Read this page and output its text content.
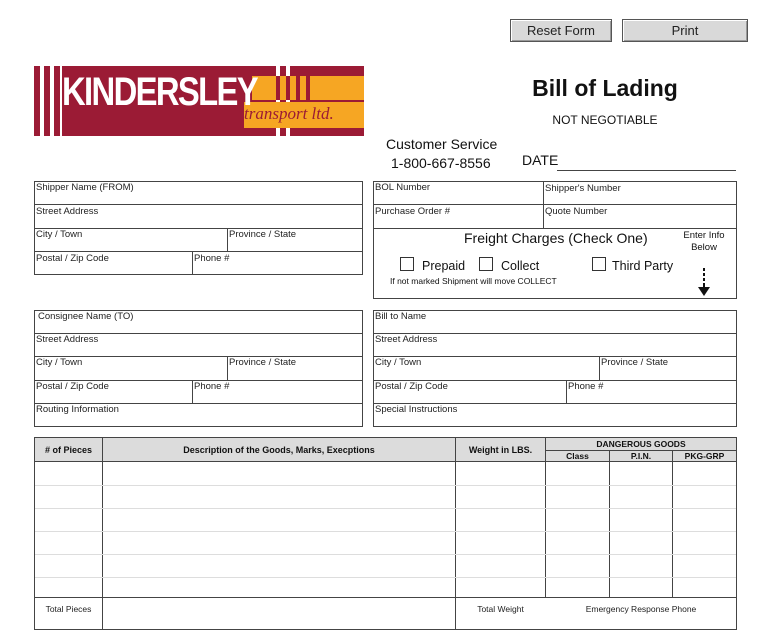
Reset Form	Print
KINDERSLEY
transport ltd.
Bill of Lading
NOT NEGOTIABLE
Customer Service
1-800-667-8556 DATE
Shipper Name (FROM)
Street Address
City / Town	Province / State
Postal / Zip Code	Phone #
BOL Number	Shipper's Number
Purchase Order #	Quote Number
Freight Charges (Check One)	Enter Info
Below
Prepaid	Collect	Third Party
If not marked Shipment will move COLLECT
Consignee Name (TO)
Street Address
City / Town	Province / State
Postal / Zip Code	Phone #
Routing Information
Bill to Name
Street Address
City / Town	Province / State
Postal / Zip Code	Phone #
Special Instructions
# of Pieces	Description of the Goods, Marks, Execptions	Weight in LBS.
DANGEROUS GOODS
Class	P.I.N.	PKG-GRP
Total Pieces	Total Weight	Emergency Response Phone
